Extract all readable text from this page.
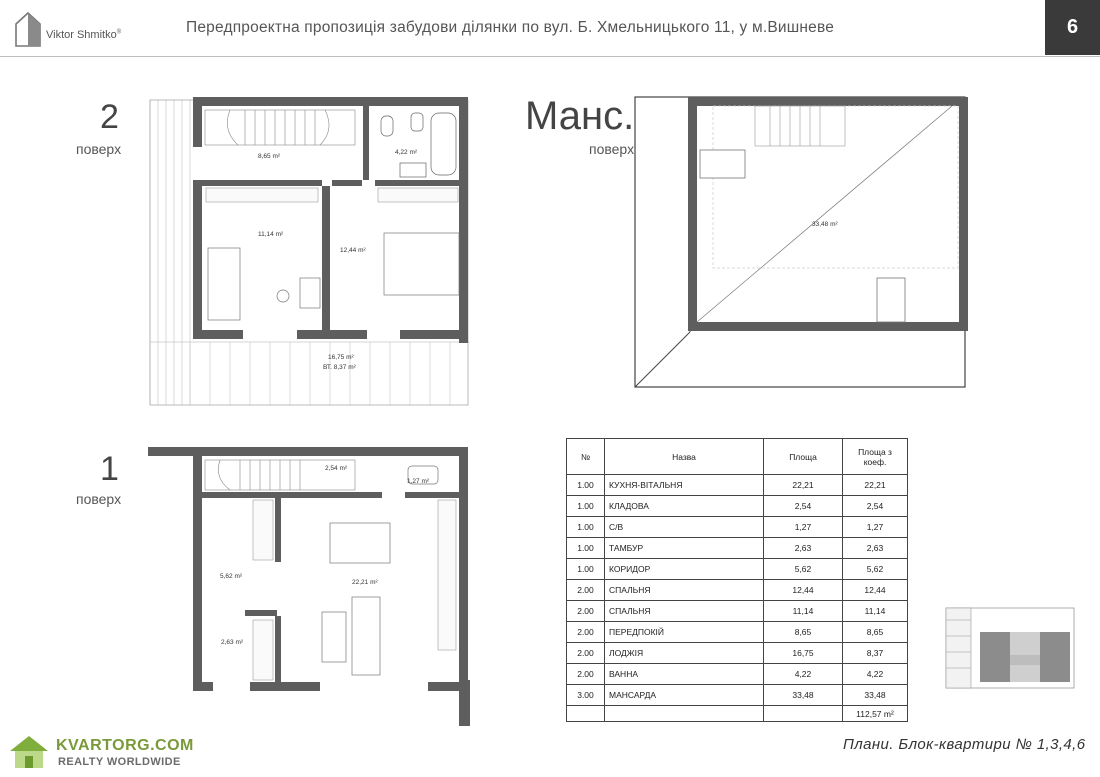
Viktor Shmitko®	Передпроектна пропозиція забудови ділянки по вул. Б. Хмельницького 11, у м.Вишневе	6
2
поверх
Манс.
поверх
1
поверх
8,65 m²
4,22 m²
11,14 m²
12,44 m²
16,75 m²
ВТ. 8,37 m²
33,48 m²
2,54 m²
1,27 m²
5,62 m²
22,21 m²
2,63 m²
№	Назва	Площа	Площа з коеф.
1.00	КУХНЯ-ВІТАЛЬНЯ	22,21	22,21
1.00	КЛАДОВА	2,54	2,54
1.00	С/В	1,27	1,27
1.00	ТАМБУР	2,63	2,63
1.00	КОРИДОР	5,62	5,62
2.00	СПАЛЬНЯ	12,44	12,44
2.00	СПАЛЬНЯ	11,14	11,14
2.00	ПЕРЕДПОКІЙ	8,65	8,65
2.00	ЛОДЖІЯ	16,75	8,37
2.00	ВАННА	4,22	4,22
3.00	МАНСАРДА	33,48	33,48
			112,57 m²
Плани. Блок-квартири № 1,3,4,6
KVARTORG.COM
REALTY WORLDWIDE
